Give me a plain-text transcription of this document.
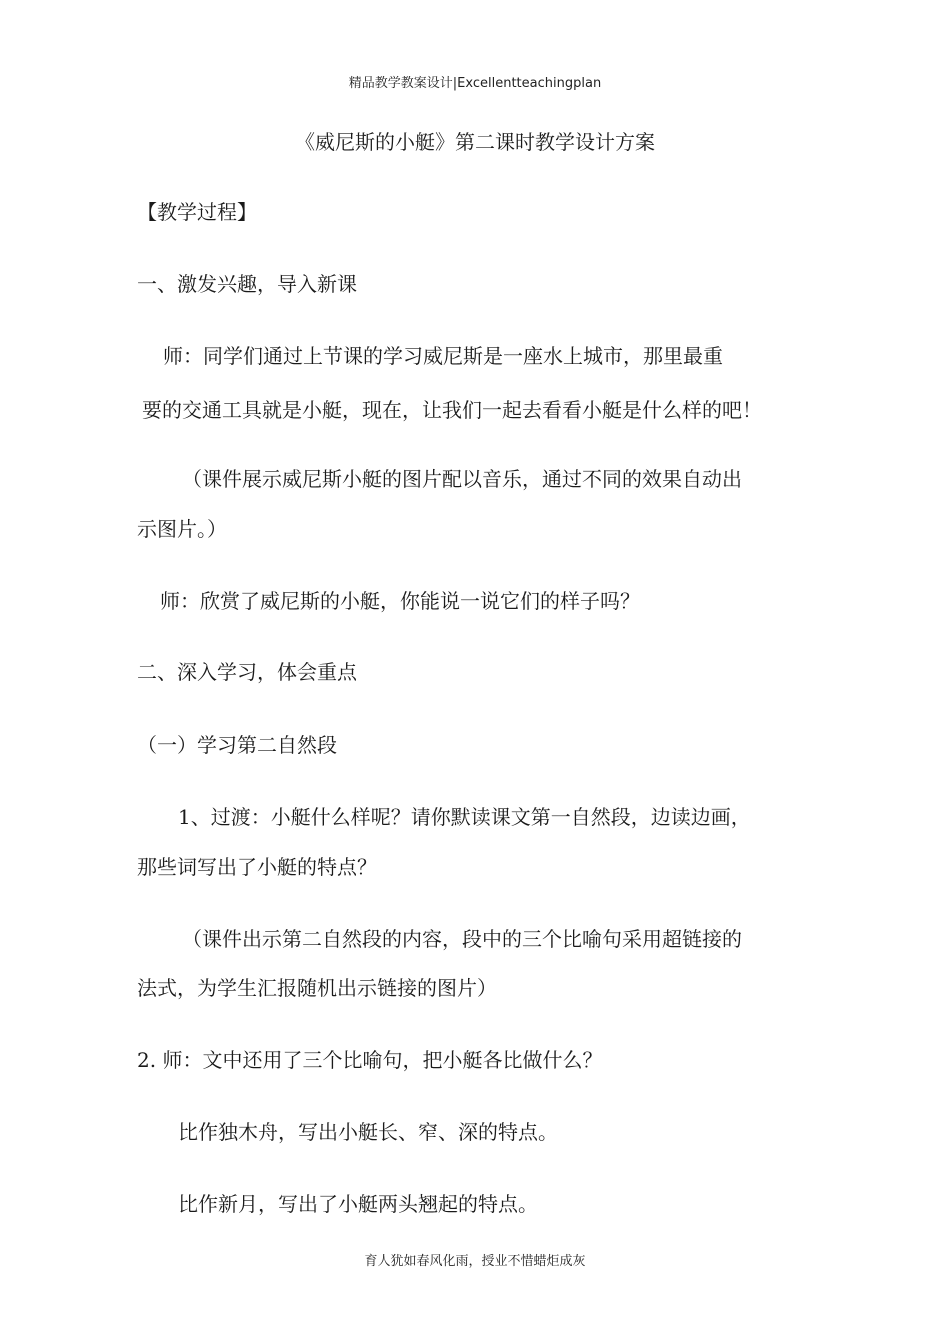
精品教学教案设计|Excellentteachingplan
《威尼斯的小艇》第二课时教学设计方案
【教学过程】
一、激发兴趣，导入新课
师：同学们通过上节课的学习威尼斯是一座水上城市，那里最重
要的交通工具就是小艇，现在，让我们一起去看看小艇是什么样的吧！
（课件展示威尼斯小艇的图片配以音乐，通过不同的效果自动出
示图片。）
师：欣赏了威尼斯的小艇，你能说一说它们的样子吗？
二、深入学习，体会重点
（一）学习第二自然段
1、过渡：小艇什么样呢？请你默读课文第一自然段，边读边画，
那些词写出了小艇的特点？
（课件出示第二自然段的内容，段中的三个比喻句采用超链接的
法式，为学生汇报随机出示链接的图片）
2. 师：文中还用了三个比喻句，把小艇各比做什么？
比作独木舟，写出小艇长、窄、深的特点。
比作新月，写出了小艇两头翘起的特点。
育人犹如春风化雨，授业不惜蜡炬成灰
